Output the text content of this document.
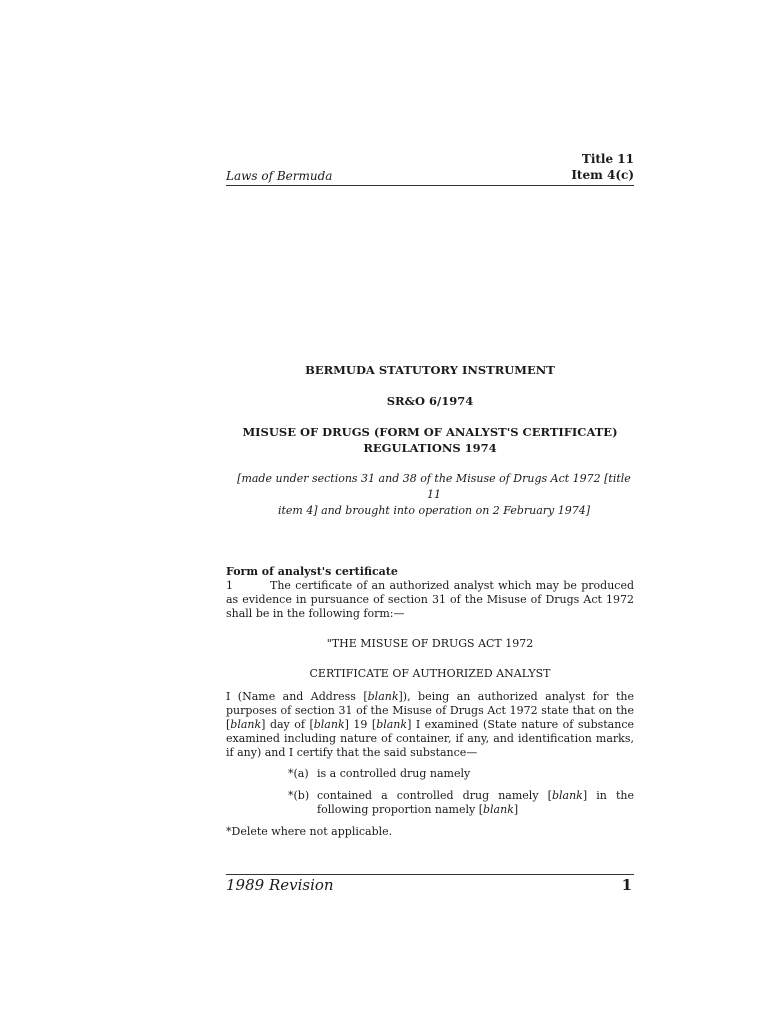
Laws of Bermuda
Title 11
Item 4(c)
BERMUDA STATUTORY INSTRUMENT
SR&O 6/1974
MISUSE OF DRUGS (FORM OF ANALYST'S CERTIFICATE)
REGULATIONS 1974
[made under sections 31 and 38 of the Misuse of Drugs Act 1972 [title 11
item 4] and brought into operation on 2 February 1974]
Form of analyst's certificate
1	The certificate of an authorized analyst which may be produced as evidence in pursuance of section 31 of the Misuse of Drugs Act 1972 shall be in the following form:—
"THE MISUSE OF DRUGS ACT 1972
CERTIFICATE OF AUTHORIZED ANALYST
I (Name and Address [blank]), being an authorized analyst for the purposes of section 31 of the Misuse of Drugs Act 1972 state that on the [blank] day of [blank] 19 [blank] I examined (State nature of substance examined including nature of container, if any, and identification marks, if any) and I certify that the said substance—
*(a) is a controlled drug namely
*(b) contained a controlled drug namely [blank] in the following proportion namely [blank]
*Delete where not applicable.
1989 Revision	1
